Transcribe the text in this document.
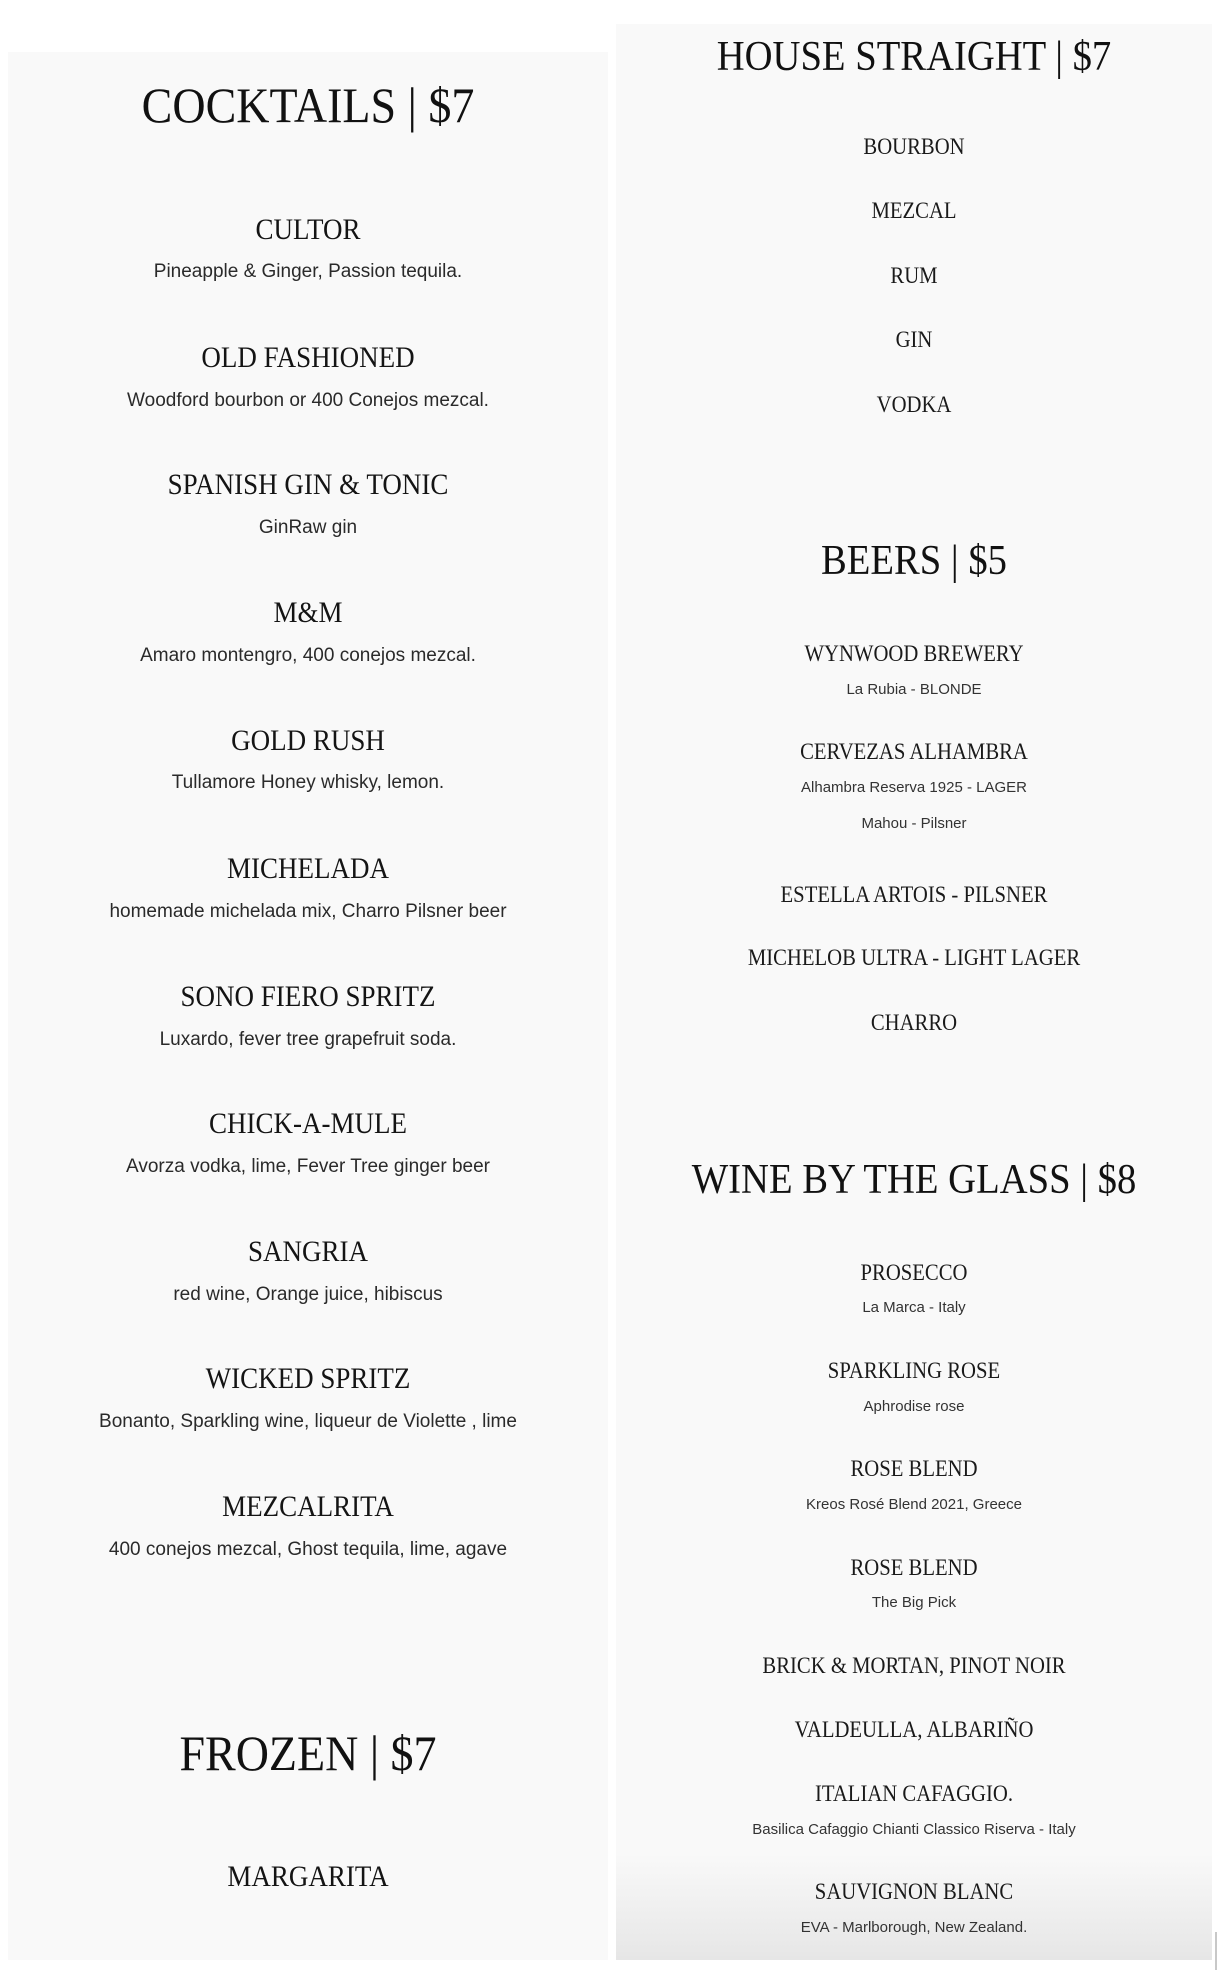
COCKTAILS | $7
CULTOR
Pineapple & Ginger, Passion tequila.
OLD FASHIONED
Woodford bourbon or 400 Conejos mezcal.
SPANISH GIN & TONIC
GinRaw gin
M&M
Amaro montengro, 400 conejos mezcal.
GOLD RUSH
Tullamore Honey whisky, lemon.
MICHELADA
homemade michelada mix, Charro Pilsner beer
SONO FIERO SPRITZ
Luxardo, fever tree grapefruit soda.
CHICK-A-MULE
Avorza vodka, lime, Fever Tree ginger beer
SANGRIA
red wine, Orange juice, hibiscus
WICKED SPRITZ
Bonanto, Sparkling wine, liqueur de Violette , lime
MEZCALRITA
400 conejos mezcal, Ghost tequila, lime, agave
FROZEN | $7
MARGARITA
HOUSE STRAIGHT | $7
BOURBON
MEZCAL
RUM
GIN
VODKA
BEERS | $5
WYNWOOD BREWERY
La Rubia - BLONDE
CERVEZAS ALHAMBRA
Alhambra Reserva 1925 - LAGER
Mahou - Pilsner
ESTELLA ARTOIS - PILSNER
MICHELOB ULTRA - LIGHT LAGER
CHARRO
WINE BY THE GLASS | $8
PROSECCO
La Marca - Italy
SPARKLING ROSE
Aphrodise rose
ROSE BLEND
Kreos Rosé Blend 2021, Greece
ROSE BLEND
The Big Pick
BRICK & MORTAN, PINOT NOIR
VALDEULLA, ALBARIÑO
ITALIAN CAFAGGIO.
Basilica Cafaggio Chianti Classico Riserva - Italy
SAUVIGNON BLANC
EVA - Marlborough, New Zealand.
